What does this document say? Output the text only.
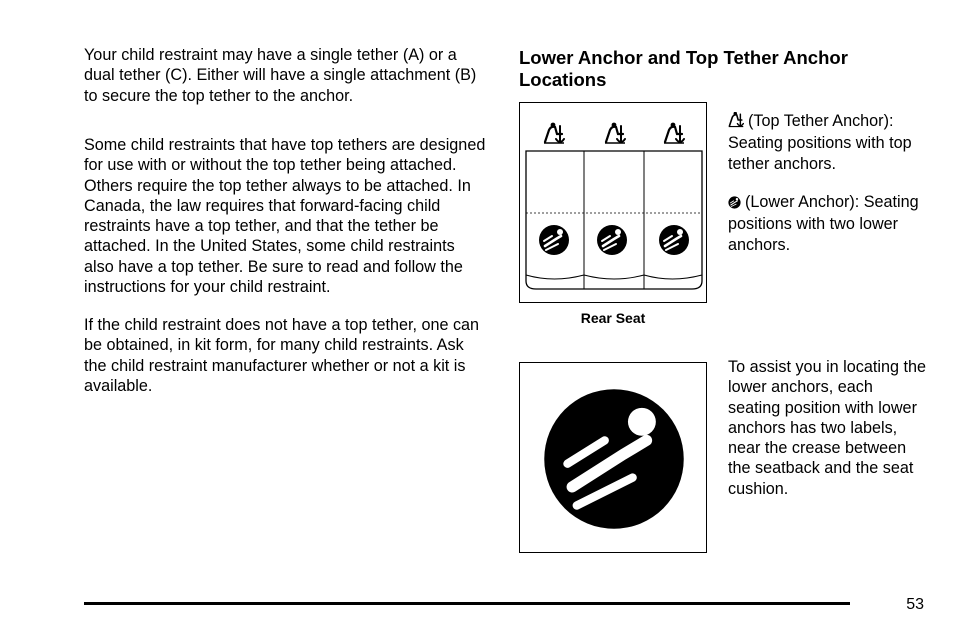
Your child restraint may have a single tether (A) or a dual tether (C). Either will have a single attachment (B) to secure the top tether to the anchor.

Some child restraints that have top tethers are designed for use with or without the top tether being attached. Others require the top tether always to be attached. In Canada, the law requires that forward-facing child restraints have a top tether, and that the tether be attached. In the United States, some child restraints also have a top tether. Be sure to read and follow the instructions for your child restraint.

If the child restraint does not have a top tether, one can be obtained, in kit form, for many child restraints. Ask the child restraint manufacturer whether or not a kit is available.

Lower Anchor and Top Tether Anchor Locations
Rear Seat

(Top Tether Anchor): Seating positions with top tether anchors.

(Lower Anchor): Seating positions with two lower anchors.

To assist you in locating the lower anchors, each seating position with lower anchors has two labels, near the crease between the seatback and the seat cushion.

53
